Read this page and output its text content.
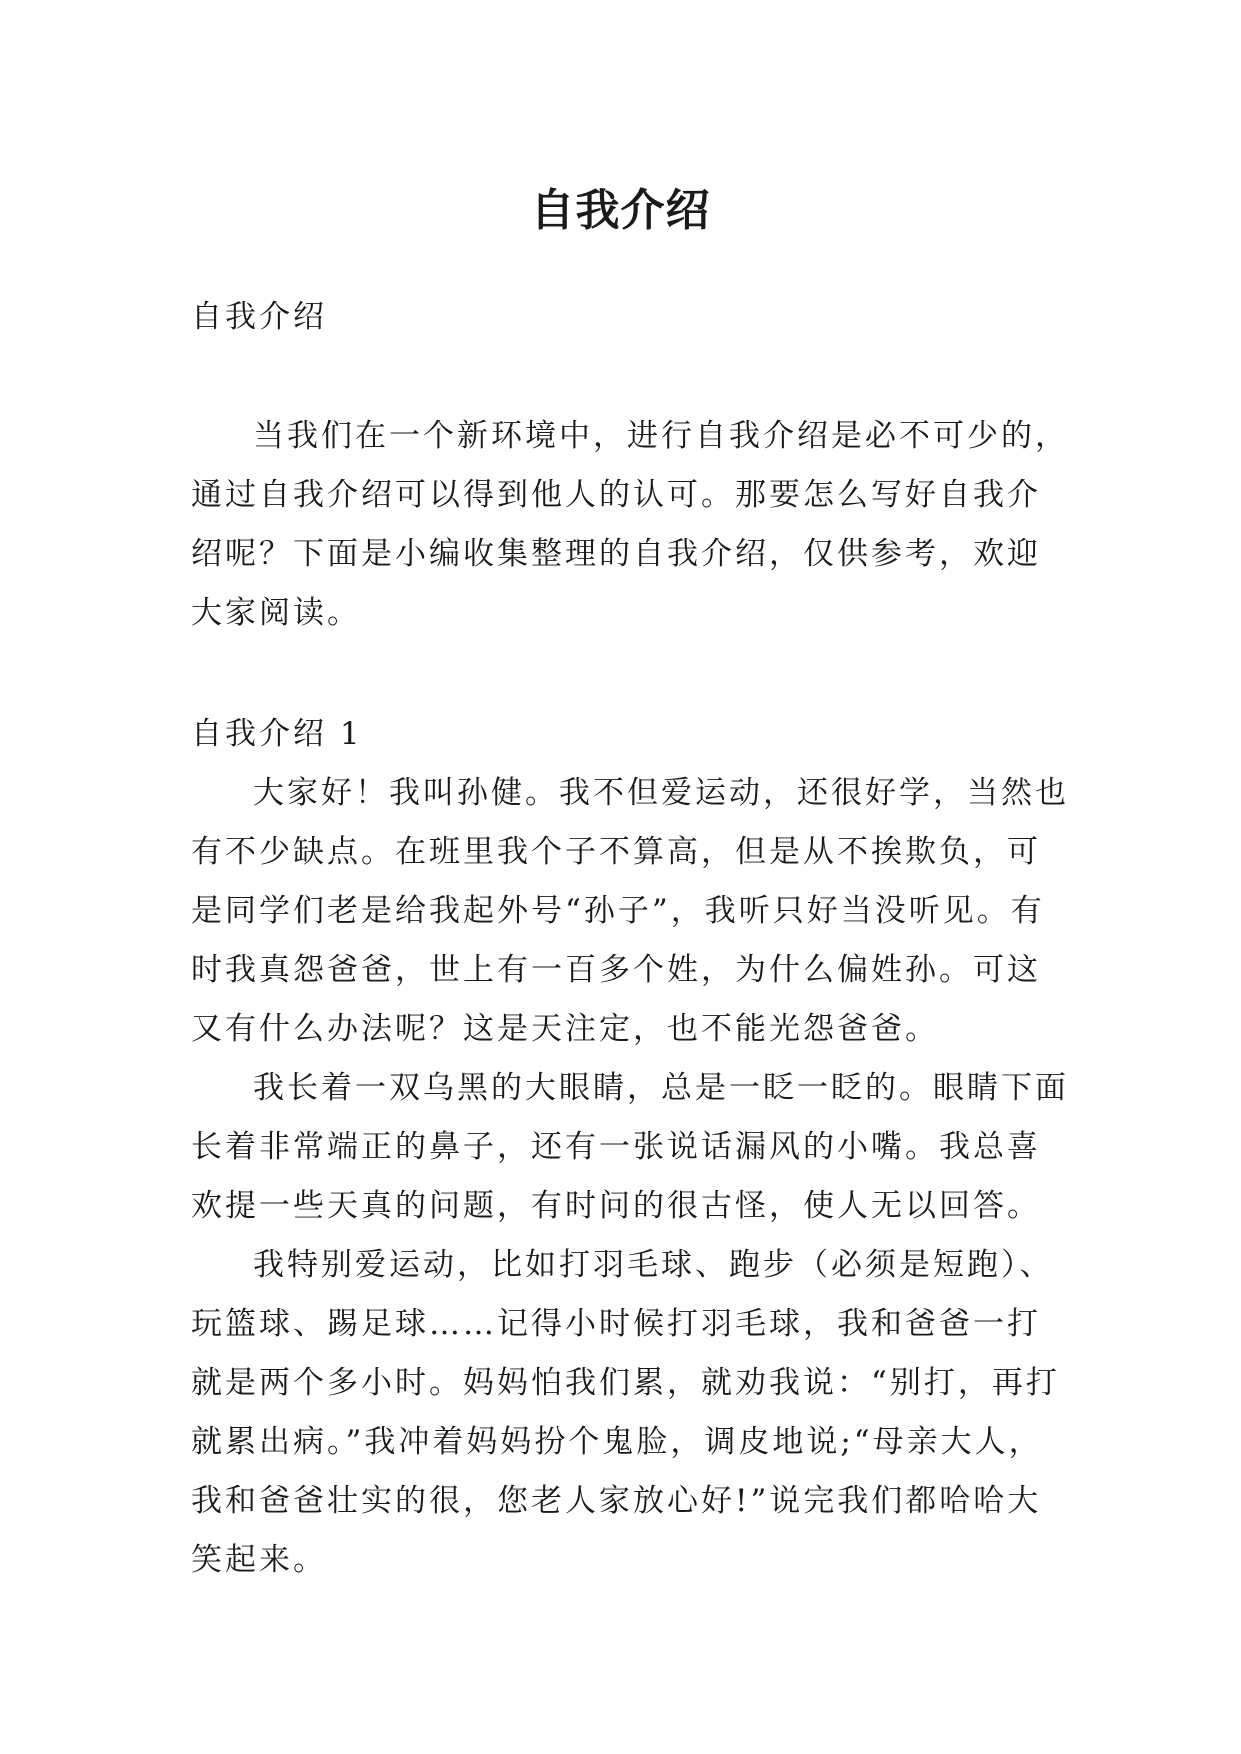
自我介绍

自我介绍

当我们在一个新环境中，进行自我介绍是必不可少的，通过自我介绍可以得到他人的认可。那要怎么写好自我介绍呢？下面是小编收集整理的自我介绍，仅供参考，欢迎大家阅读。

自我介绍 1

大家好！我叫孙健。我不但爱运动，还很好学，当然也有不少缺点。在班里我个子不算高，但是从不挨欺负，可是同学们老是给我起外号“孙子”，我听只好当没听见。有时我真怨爸爸，世上有一百多个姓，为什么偏姓孙。可这又有什么办法呢？这是天注定，也不能光怨爸爸。

我长着一双乌黑的大眼睛，总是一眨一眨的。眼睛下面长着非常端正的鼻子，还有一张说话漏风的小嘴。我总喜欢提一些天真的问题，有时问的很古怪，使人无以回答。

我特别爱运动，比如打羽毛球、跑步（必须是短跑）、玩篮球、踢足球……记得小时候打羽毛球，我和爸爸一打就是两个多小时。妈妈怕我们累，就劝我说：“别打，再打就累出病。”我冲着妈妈扮个鬼脸，调皮地说;“母亲大人，我和爸爸壮实的很，您老人家放心好!”说完我们都哈哈大笑起来。
